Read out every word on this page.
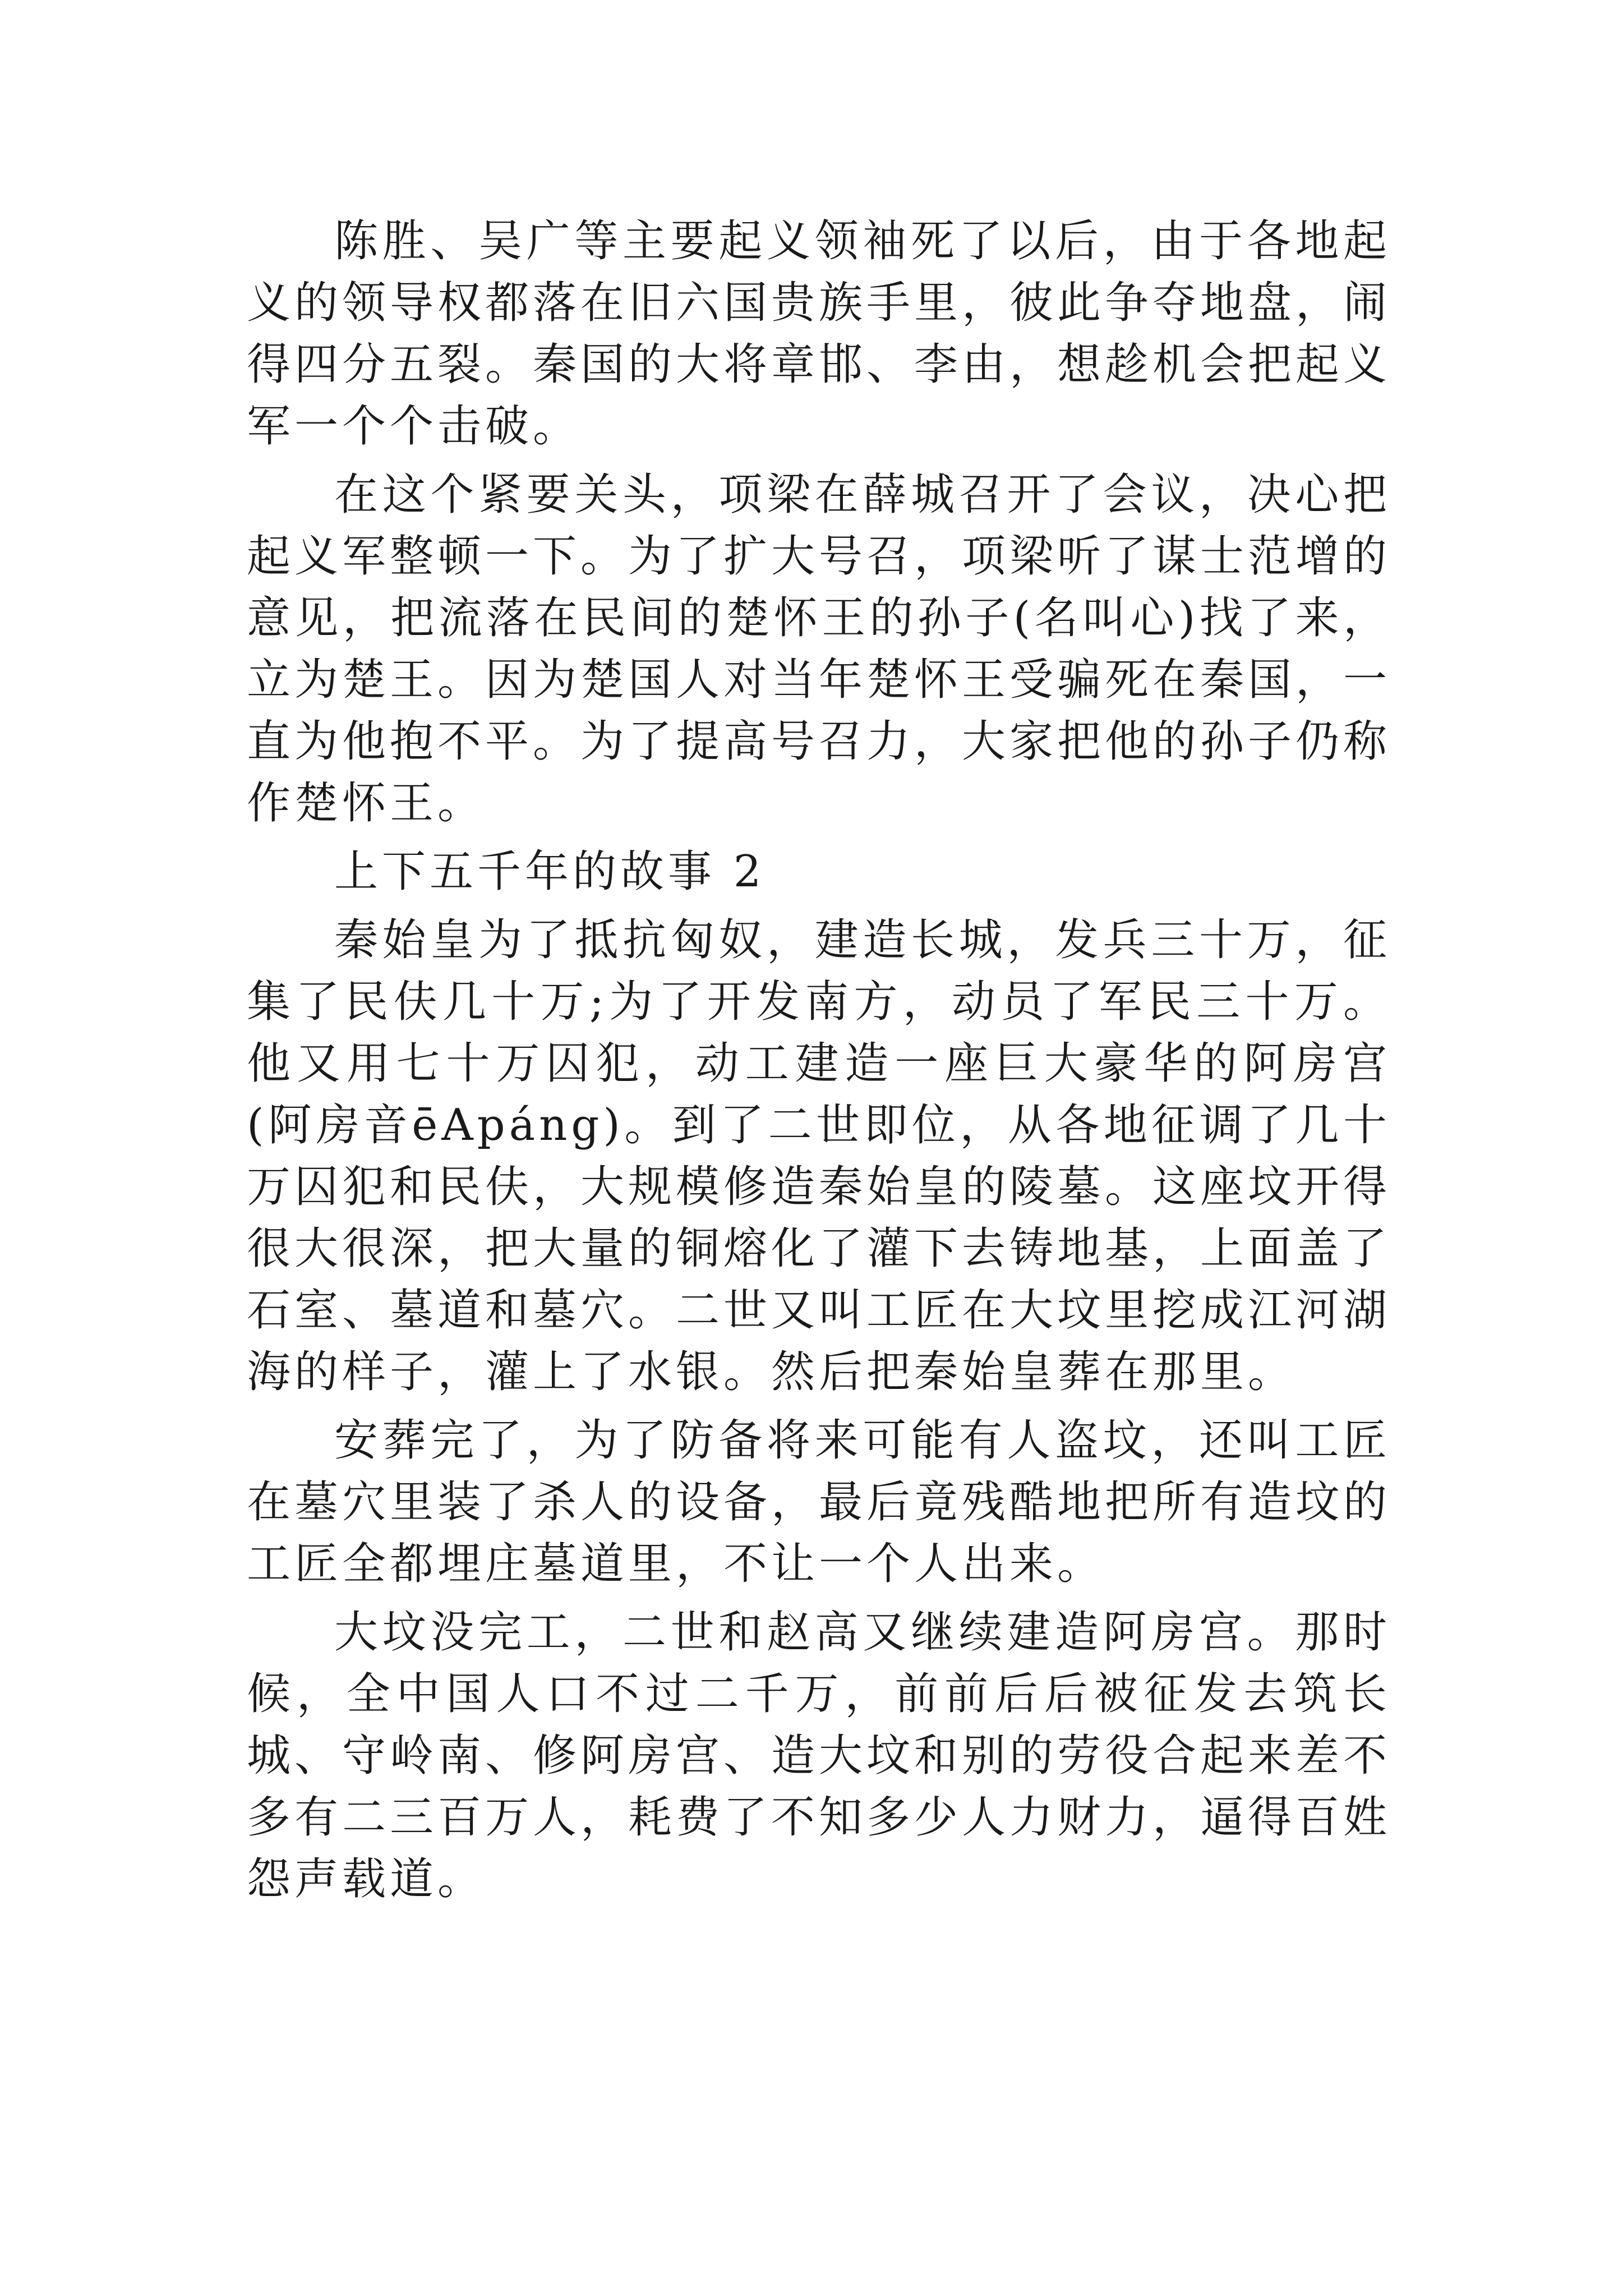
陈胜、吴广等主要起义领袖死了以后，由于各地起义的领导权都落在旧六国贵族手里，彼此争夺地盘，闹得四分五裂。秦国的大将章邯、李由，想趁机会把起义军一个个击破。

在这个紧要关头，项梁在薛城召开了会议，决心把起义军整顿一下。为了扩大号召，项梁听了谋士范增的意见，把流落在民间的楚怀王的孙子(名叫心)找了来，立为楚王。因为楚国人对当年楚怀王受骗死在秦国，一直为他抱不平。为了提高号召力，大家把他的孙子仍称作楚怀王。

上下五千年的故事 2

秦始皇为了抵抗匈奴，建造长城，发兵三十万，征集了民伕几十万;为了开发南方，动员了军民三十万。他又用七十万囚犯，动工建造一座巨大豪华的阿房宫(阿房音ēApáng)。到了二世即位，从各地征调了几十万囚犯和民伕，大规模修造秦始皇的陵墓。这座坟开得很大很深，把大量的铜熔化了灌下去铸地基，上面盖了石室、墓道和墓穴。二世又叫工匠在大坟里挖成江河湖海的样子，灌上了水银。然后把秦始皇葬在那里。

安葬完了，为了防备将来可能有人盗坟，还叫工匠在墓穴里装了杀人的设备，最后竟残酷地把所有造坟的工匠全都埋庄墓道里，不让一个人出来。

大坟没完工，二世和赵高又继续建造阿房宫。那时候，全中国人口不过二千万，前前后后被征发去筑长城、守岭南、修阿房宫、造大坟和别的劳役合起来差不多有二三百万人，耗费了不知多少人力财力，逼得百姓怨声载道。
